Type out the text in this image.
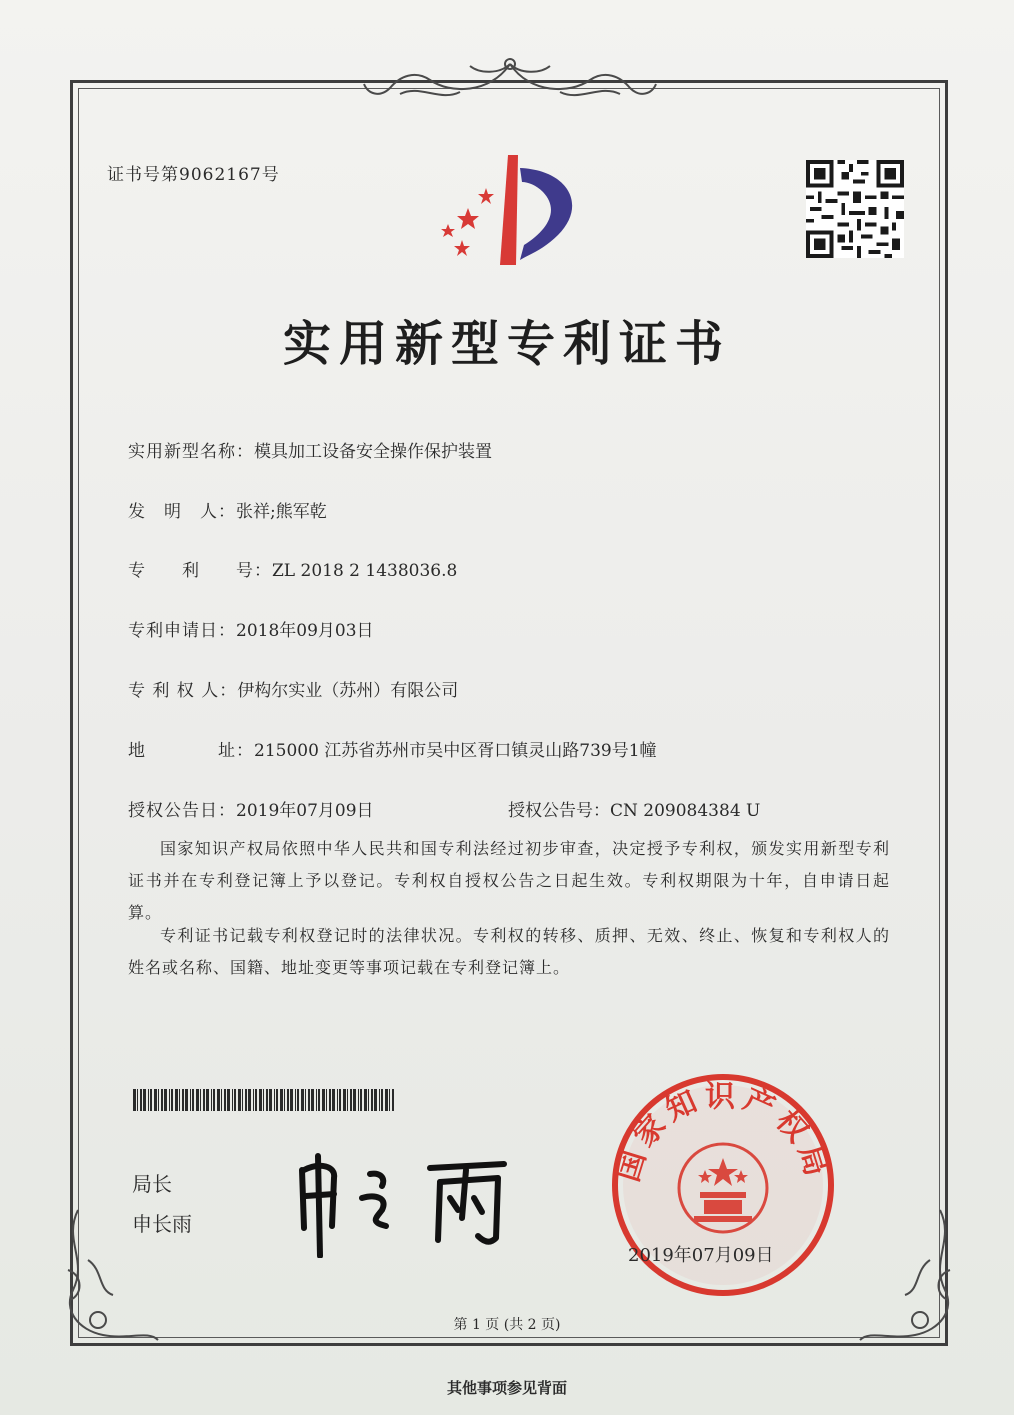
证书号第9062167号
实用新型专利证书
实用新型名称：模具加工设备安全操作保护装置
发　明　人：张祥;熊军乾
专　　利　　号：ZL 2018 2 1438036.8
专利申请日：2018年09月03日
专 利 权 人：伊构尔实业（苏州）有限公司
地　　　　址：215000 江苏省苏州市吴中区胥口镇灵山路739号1幢
授权公告日：2019年07月09日	授权公告号：CN 209084384 U
国家知识产权局依照中华人民共和国专利法经过初步审查，决定授予专利权，颁发实用新型专利证书并在专利登记簿上予以登记。专利权自授权公告之日起生效。专利权期限为十年，自申请日起算。
专利证书记载专利权登记时的法律状况。专利权的转移、质押、无效、终止、恢复和专利权人的姓名或名称、国籍、地址变更等事项记载在专利登记簿上。
局长
申长雨
国家知识产权局
2019年07月09日
第 1 页 (共 2 页)
其他事项参见背面
